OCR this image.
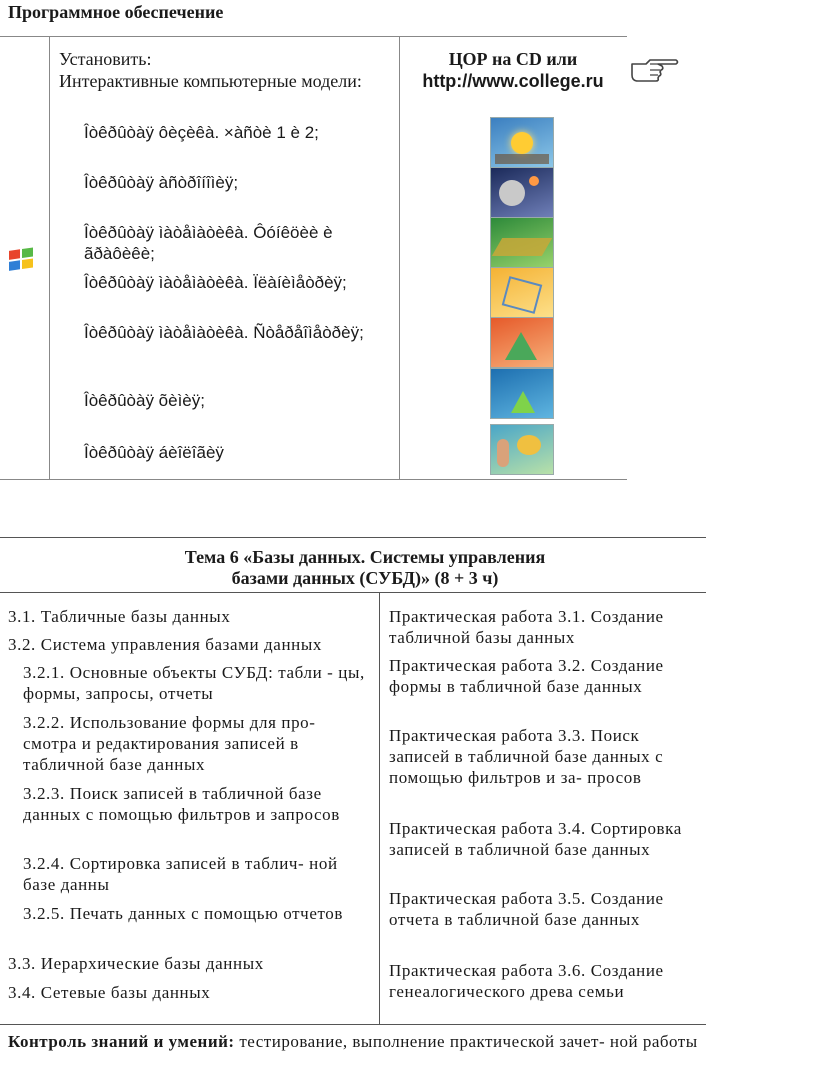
Программное обеспечение
Установить:
Интерактивные компьютерные модели:
Îòêðûòàÿ ôèçèêà. ×àñòè 1 è 2;
Îòêðûòàÿ àñòðîíîìèÿ;
Îòêðûòàÿ ìàòåìàòèêà. Ôóíêöèè è ãðàôèêè;
Îòêðûòàÿ ìàòåìàòèêà. Ïëàíèìåòðèÿ;
Îòêðûòàÿ ìàòåìàòèêà. Ñòåðåîìåòðèÿ;
Îòêðûòàÿ õèìèÿ;
Îòêðûòàÿ áèîëîãèÿ
ЦОР на CD или
http://www.college.ru
Тема 6 «Базы данных. Системы управления
базами данных (СУБД)» (8 + 3 ч)
3.1. Табличные базы данных
3.2. Система управления базами данных
3.2.1. Основные объекты СУБД: табли - цы, формы, запросы, отчеты
3.2.2. Использование формы для про- смотра и редактирования записей в табличной базе данных
3.2.3. Поиск записей в табличной базе данных с помощью фильтров и запросов
3.2.4. Сортировка записей в таблич- ной базе данны
3.2.5. Печать данных с помощью отчетов
3.3. Иерархические базы данных
3.4. Сетевые базы данных
Практическая работа 3.1. Создание табличной базы данных
Практическая работа 3.2. Создание формы в табличной базе данных
Практическая работа 3.3. Поиск записей в табличной базе данных с помощью фильтров и за- просов
Практическая работа 3.4. Сортировка записей в табличной базе данных
Практическая работа 3.5. Создание отчета в табличной базе данных
Практическая работа 3.6. Создание генеалогического древа семьи
Контроль знаний и умений: тестирование, выполнение практической зачет- ной работы
